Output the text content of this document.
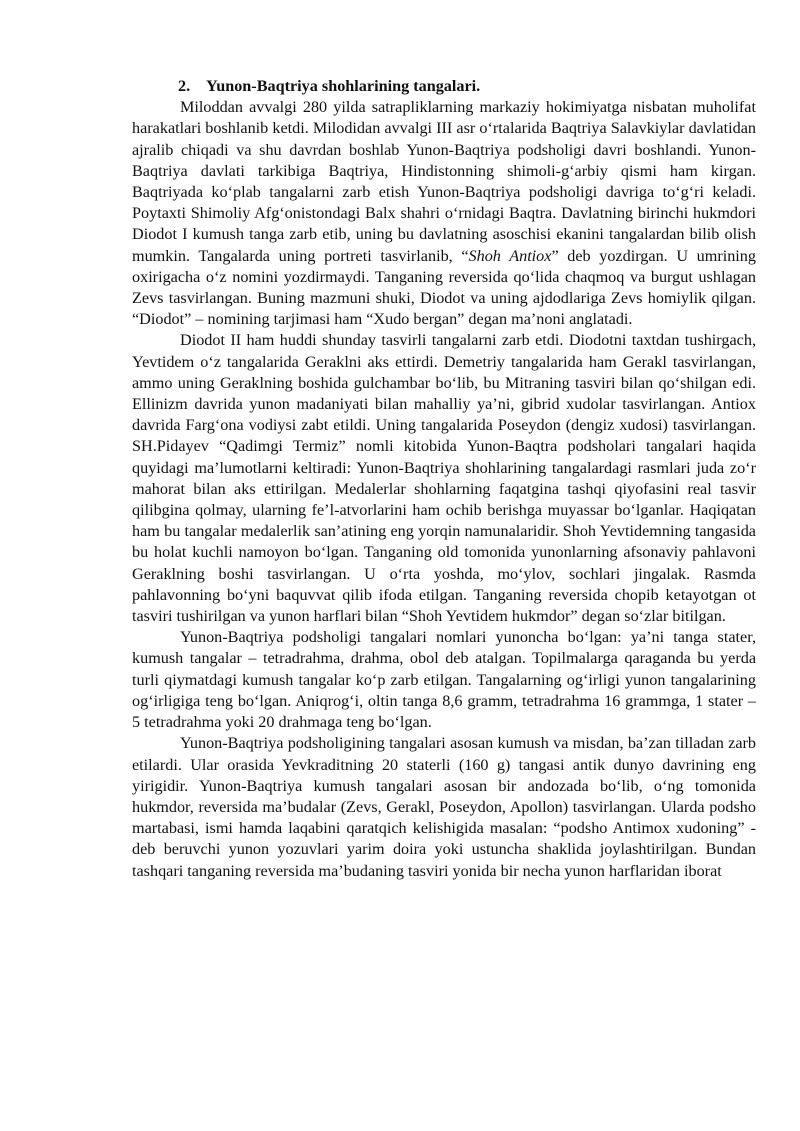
2. Yunon-Baqtriya shohlarining tangalari.

Miloddan avvalgi 280 yilda satrapliklarning markaziy hokimiyatga nisbatan muholifat harakatlari boshlanib ketdi. Milodidan avvalgi III asr oʻrtalarida Baqtriya Salavkiylar davlatidan ajralib chiqadi va shu davrdan boshlab Yunon-Baqtriya podsholigi davri boshlandi. Yunon-Baqtriya davlati tarkibiga Baqtriya, Hindistonning shimoli-gʻarbiy qismi ham kirgan. Baqtriyada koʻplab tangalarni zarb etish Yunon-Baqtriya podsholigi davriga toʻgʻri keladi. Poytaxti Shimoliy Afgʻonistondagi Balx shahri oʻrnidagi Baqtra. Davlatning birinchi hukmdori Diodot I kumush tanga zarb etib, uning bu davlatning asoschisi ekanini tangalardan bilib olish mumkin. Tangalarda uning portreti tasvirlanib, “Shoh Antiox” deb yozdirgan. U umrining oxirigacha oʻz nomini yozdirmaydi. Tanganing reversida qoʻlida chaqmoq va burgut ushlagan Zevs tasvirlangan. Buning mazmuni shuki, Diodot va uning ajdodlariga Zevs homiylik qilgan. “Diodot” – nomining tarjimasi ham “Xudo bergan” degan maʼnoni anglatadi.

Diodot II ham huddi shunday tasvirli tangalarni zarb etdi. Diodotni taxtdan tushirgach, Yevtidem oʻz tangalarida Geraklni aks ettirdi. Demetriy tangalarida ham Gerakl tasvirlangan, ammo uning Geraklning boshida gulchambar boʻlib, bu Mitraning tasviri bilan qoʻshilgan edi. Ellinizm davrida yunon madaniyati bilan mahalliy yaʼni, gibrid xudolar tasvirlangan. Antiox davrida Fargʻona vodiysi zabt etildi. Uning tangalarida Poseydon (dengiz xudosi) tasvirlangan. SH.Pidayev “Qadimgi Termiz” nomli kitobida Yunon-Baqtra podsholari tangalari haqida quyidagi maʼlumotlarni keltiradi: Yunon-Baqtriya shohlarining tangalardagi rasmlari juda zoʻr mahorat bilan aks ettirilgan. Medalerlar shohlarning faqatgina tashqi qiyofasini real tasvir qilibgina qolmay, ularning feʼl-atvorlarini ham ochib berishga muyassar boʻlganlar. Haqiqatan ham bu tangalar medalerlik sanʼatining eng yorqin namunalaridir. Shoh Yevtidemning tangasida bu holat kuchli namoyon boʻlgan. Tanganing old tomonida yunonlarning afsonaviy pahlavoni Geraklning boshi tasvirlangan. U oʻrta yoshda, moʻylov, sochlari jingalak. Rasmda pahlavonning boʻyni baquvvat qilib ifoda etilgan. Tanganing reversida chopib ketayotgan ot tasviri tushirilgan va yunon harflari bilan “Shoh Yevtidem hukmdor” degan soʻzlar bitilgan.

Yunon-Baqtriya podsholigi tangalari nomlari yunoncha boʻlgan: yaʼni tanga stater, kumush tangalar – tetradrahma, drahma, obol deb atalgan. Topilmalarga qaraganda bu yerda turli qiymatdagi kumush tangalar koʻp zarb etilgan. Tangalarning ogʻirligi yunon tangalarining ogʻirligiga teng boʻlgan. Aniqrogʻi, oltin tanga 8,6 gramm, tetradrahma 16 grammga, 1 stater – 5 tetradrahma yoki 20 drahmaga teng boʻlgan.

Yunon-Baqtriya podsholigining tangalari asosan kumush va misdan, baʼzan tilladan zarb etilardi. Ular orasida Yevkraditning 20 staterli (160 g) tangasi antik dunyo davrining eng yirigidir. Yunon-Baqtriya kumush tangalari asosan bir andozada boʻlib, oʻng tomonida hukmdor, reversida maʼbudalar (Zevs, Gerakl, Poseydon, Apollon) tasvirlangan. Ularda podsho martabasi, ismi hamda laqabini qaratqich kelishigida masalan: “podsho Antimox xudoning” - deb beruvchi yunon yozuvlari yarim doira yoki ustuncha shaklida joylashtirilgan. Bundan tashqari tanganing reversida maʼbudaning tasviri yonida bir necha yunon harflaridan iborat
